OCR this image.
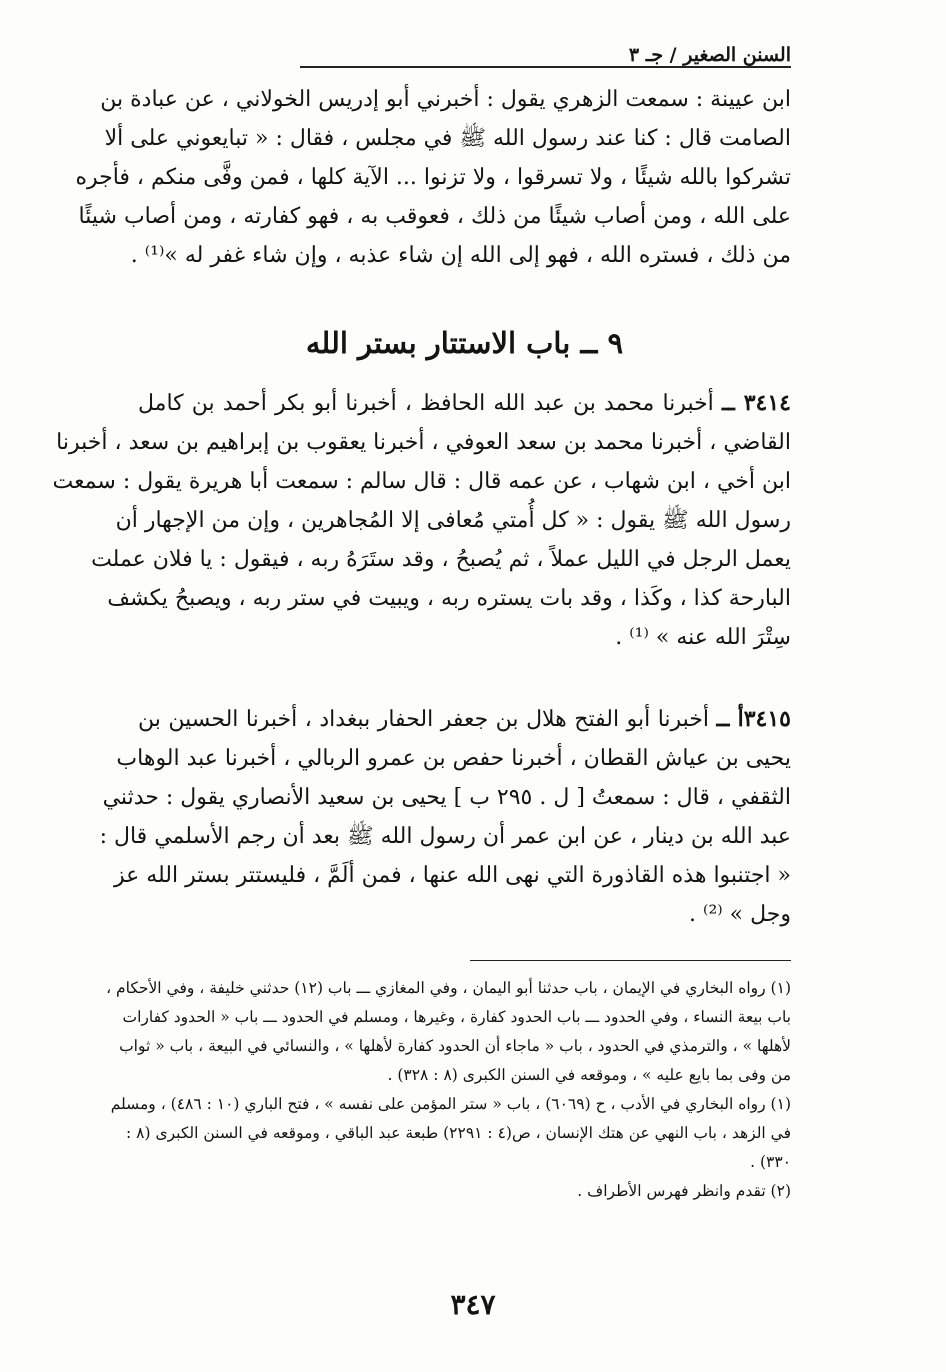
السنن الصغير / جـ ٣
ابن عيينة : سمعت الزهري يقول : أخبرني أبو إدريس الخولاني ، عن عبادة بن
الصامت قال : كنا عند رسول الله ﷺ في مجلس ، فقال : « تبايعوني على ألا
تشركوا بالله شيئًا ، ولا تسرقوا ، ولا تزنوا ... الآية كلها ، فمن وفَّى منكم ، فأجره
على الله ، ومن أصاب شيئًا من ذلك ، فعوقب به ، فهو كفارته ، ومن أصاب شيئًا
من ذلك ، فستره الله ، فهو إلى الله إن شاء عذبه ، وإن شاء غفر له »⁽¹⁾ .
٩ ــ باب الاستتار بستر الله
٣٤١٤ ــ أخبرنا محمد بن عبد الله الحافظ ، أخبرنا أبو بكر أحمد بن كامل
القاضي ، أخبرنا محمد بن سعد العوفي ، أخبرنا يعقوب بن إبراهيم بن سعد ، أخبرنا
ابن أخي ، ابن شهاب ، عن عمه قال : قال سالم : سمعت أبا هريرة يقول : سمعت
رسول الله ﷺ يقول : « كل أُمتي مُعافى إلا المُجاهرين ، وإن من الإجهار أن
يعمل الرجل في الليل عملاً ، ثم يُصبحُ ، وقد ستَرَهُ ربه ، فيقول : يا فلان عملت
البارحة كذا ، وكَذا ، وقد بات يستره ربه ، ويبيت في ستر ربه ، ويصبحُ يكشف
سِتْرَ الله عنه » ⁽¹⁾ .
٣٤١٥أ ــ أخبرنا أبو الفتح هلال بن جعفر الحفار ببغداد ، أخبرنا الحسين بن
يحيى بن عياش القطان ، أخبرنا حفص بن عمرو الربالي ، أخبرنا عبد الوهاب
الثقفي ، قال : سمعتُ [ ل . ٢٩٥ ب ] يحيى بن سعيد الأنصاري يقول : حدثني
عبد الله بن دينار ، عن ابن عمر أن رسول الله ﷺ بعد أن رجم الأسلمي قال :
« اجتنبوا هذه القاذورة التي نهى الله عنها ، فمن ألَمَّ ، فليستتر بستر الله عز
وجل » ⁽²⁾ .
(١) رواه البخاري في الإيمان ، باب حدثنا أبو اليمان ، وفي المغازي ـــ باب (١٢) حدثني خليفة ، وفي الأحكام ،
باب بيعة النساء ، وفي الحدود ـــ باب الحدود كفارة ، وغيرها ، ومسلم في الحدود ـــ باب « الحدود كفارات
لأهلها » ، والترمذي في الحدود ، باب « ماجاء أن الحدود كفارة لأهلها » ، والنسائي في البيعة ، باب « ثواب
من وفى بما بايع عليه » ، وموقعه في السنن الكبرى (٨ : ٣٢٨) .
(١) رواه البخاري في الأدب ، ح (٦٠٦٩) ، باب « ستر المؤمن على نفسه » ، فتح الباري (١٠ : ٤٨٦) ، ومسلم
في الزهد ، باب النهي عن هتك الإنسان ، ص(٤ : ٢٢٩١) طبعة عبد الباقي ، وموقعه في السنن الكبرى (٨ :
٣٣٠) .
(٢) تقدم وانظر فهرس الأطراف .
٣٤٧
